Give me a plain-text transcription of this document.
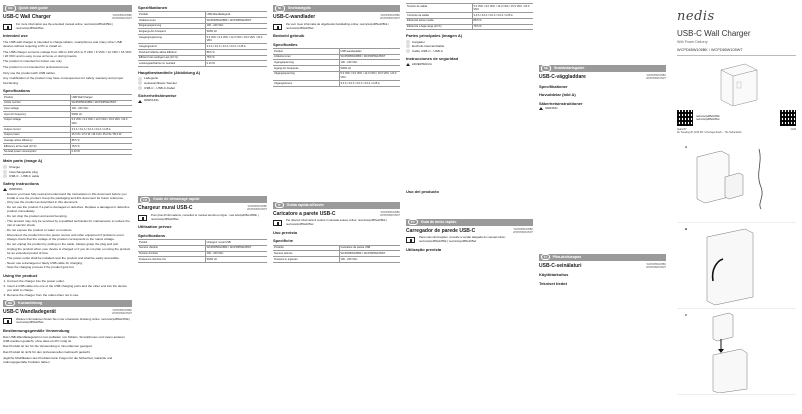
GB	Quick start guide
USB-C Wall Charger	WCPD65W105BK
WCPD65W105WT
For more information see the extended manual online: ned.is/wcpd65w105bk | ned.is/wcpd65w105wt
Intended use

The USB wall charger is intended to charge tablets, smartphones and many other USB devices without requiring a PC to install on.

The USB charger converts voltage from 100 to 240 VAC to 5 VDC / 9 VDC / 12 VDC / 15 VDC / 20 VDC and is easy to use at home or during travels.

The product is intended for indoor use only.

The product is not intended for professional use.

Only use the product with USB cables.

Any modification of the product may have consequences for safety, warranty and proper functioning.

Specifications
Product	USB Wall Charger
Article number	WCPD65W105BK / WCPD65W105WT
Input voltage	100 - 240 VAC
Input AC frequency	50/60 Hz
Output voltage	5.0 VDC / 9.0 VDC / 12.0 VDC / 15.0 VDC / 20.0 VDC
Output current	3.0 A / 3.0 A / 3.0 A / 3.0 A / 3.25 A
Output power	15.0 W / 27.0 W / 36.0 W / 45.0 W / 65.0 W
Average active efficiency	88.5 %
Efficiency at low load (10 %)	78.5 %
No-load power consumption	0.10 W
Main parts (image A)
Charger
Interchangeable plug
USB-C - USB-C cable
Safety instructions
WARNING
- Ensure you have fully read and understood the instructions in this document before you install or use the product. Keep the packaging and this document for future reference.
- Only use the product as described in this document.
- Do not use the product if a part is damaged or defective. Replace a damaged or defective product immediately.
- Do not drop the product and avoid bumping.
- This product may only be serviced by a qualified technician for maintenance to reduce the risk of electric shock.
- Do not expose the product to water or moisture.
- Disconnect the product from the power source and other equipment if problems occur.
- Always check that the voltage of the product corresponds to the mains voltage.
- Do not unplug the product by pulling on the cable. Always grasp the plug and pull.
- Unplug the product when your device is charged or if you do not plan on using the product for an extended period of time.
- The power outlet shall be installed near the product and shall be easily accessible.
- Never use a damaged or faulty USB cable for charging.
- Stop the charging process if the product gets hot.
Using the product
1. Connect the charger into the power outlet.
2. Insert a USB cable into one of the USB charging ports and the other end into the device you wish to charge.
3. Remove the charger from the outlet when not in use.
DE	Kurzanleitung
USB-C Wandladegerät	WCPD65W105BK
WCPD65W105WT
Weitere Informationen finden Sie in der erweiterten Anleitung online: ned.is/wcpd65w105bk | ned.is/wcpd65w105wt
Bestimmungsgemäße Verwendung

Das USB-Wandladegerät ist zum Aufladen von Tablets, Smartphones und vielen anderen USB-Geräten gedacht, ohne dass ein PC nötig ist.

Das Produkt ist nur für die Verwendung in Innenräumen geeignet.

Das Produkt ist nicht für den professionellen Gebrauch gedacht.

Jegliche Modifikation des Produkts kann Folgen für die Sicherheit, Garantie und ordnungsgemäße Funktion haben.

Spezifikationen
Produkt	USB-Wandladegerät
Artikelnummer	WCPD65W105BK / WCPD65W105WT
Eingangsspannung	100 - 240 VAC
Eingangs-AC-Frequenz	50/60 Hz
Ausgangsspannung	5.0 VDC / 9.0 VDC / 12.0 VDC / 15.0 VDC / 20.0 VDC
Ausgangsstrom	3.0 A / 3.0 A / 3.0 A / 3.0 A / 3.25 A
Durchschnittliche aktive Effizienz	88.5 %
Effizienz bei niedriger Last (10 %)	78.5 %
Leistungsaufnahme im Leerlauf	0.10 W
Hauptbestandteile (Abbildung A)
Ladegerät
Austauschbarer Stecker
USB-C - USB-C-Kabel
Sicherheitshinweise
WARNUNG
FR	Guide de démarrage rapide
Chargeur mural USB-C	WCPD65W105BK
WCPD65W105WT
Pour plus d'informations, consultez le manuel étendu en ligne : ned.is/wcpd65w105bk | ned.is/wcpd65w105wt
Utilisation prévue
Spécifications
Produit	Chargeur mural USB
Numéro d'article	WCPD65W105BK / WCPD65W105WT
Tension d'entrée	100 - 240 VAC
Fréquence d'entrée CA	50/60 Hz
NL	Snelstartgids
USB-C-wandlader	WCPD65W105BK
WCPD65W105WT
Zie voor meer informatie de uitgebreide handleiding online: ned.is/wcpd65w105bk | ned.is/wcpd65w105wt
Bedoeld gebruik
Specificaties
Product	USB-wandoplader
Artikelnummer	WCPD65W105BK / WCPD65W105WT
Ingangsspanning	100 - 240 VAC
Ingang AC-frequentie	50/60 Hz
Uitgangsspanning	5.0 VDC / 9.0 VDC / 12.0 VDC / 15.0 VDC / 20.0 VDC
Uitgangsstroom	3.0 A / 3.0 A / 3.0 A / 3.0 A / 3.25 A
IT	Guida rapida all'avvio
Caricatore a parete USB-C	WCPD65W105BK
WCPD65W105WT
Per ulteriori informazioni vedere il manuale esteso online: ned.is/wcpd65w105bk | ned.is/wcpd65w105wt
Uso previsto
Specifiche
Prodotto	Caricatore da parete USB
Numero articolo	WCPD65W105BK / WCPD65W105WT
Tensione in ingresso	100 - 240 VAC
Tensión de salida	5.0 VDC / 9.0 VDC / 12.0 VDC / 15.0 VDC / 20.0 VDC
Corriente de salida	3.0 A / 3.0 A / 3.0 A / 3.0 A / 3.25 A
Eficiencia activa media	88.5 %
Eficiencia a baja carga (10 %)	78.5 %
Partes principales (imagen A)
Cargador
Enchufe intercambiable
Cable USB-C - USB-C
Instrucciones de seguridad
ADVERTENCIA
Uso del producto
PT	Guia de início rápido
Carregador de parede USB-C	WCPD65W105BK
WCPD65W105WT
Para mais informações, consulte a versão alargada do manual online: ned.is/wcpd65w105bk | ned.is/wcpd65w105wt
Utilização prevista
SE	Snabbstartsguide
USB-C-väggladdare	WCPD65W105BK
WCPD65W105WT
Specifikationer
Huvuddelar (bild A)
Säkerhetsinstruktioner
VARNING
FI	Pika-aloitusopas
USB-C-seinälaturi	WCPD65W105BK
WCPD65W105WT
Käyttötarkoitus
Tekniset tiedot
nedis
USB-C Wall Charger
With Power Delivery
WCPD65W105BK / WCPD65W105WT
ned.is/wcpd65w105bk
ned.is/wcpd65w105wt
Nedis BV
De Tweeling 28, 5215 MC 's-Hertogenbosch – The Netherlands
11/20
A
B
C
